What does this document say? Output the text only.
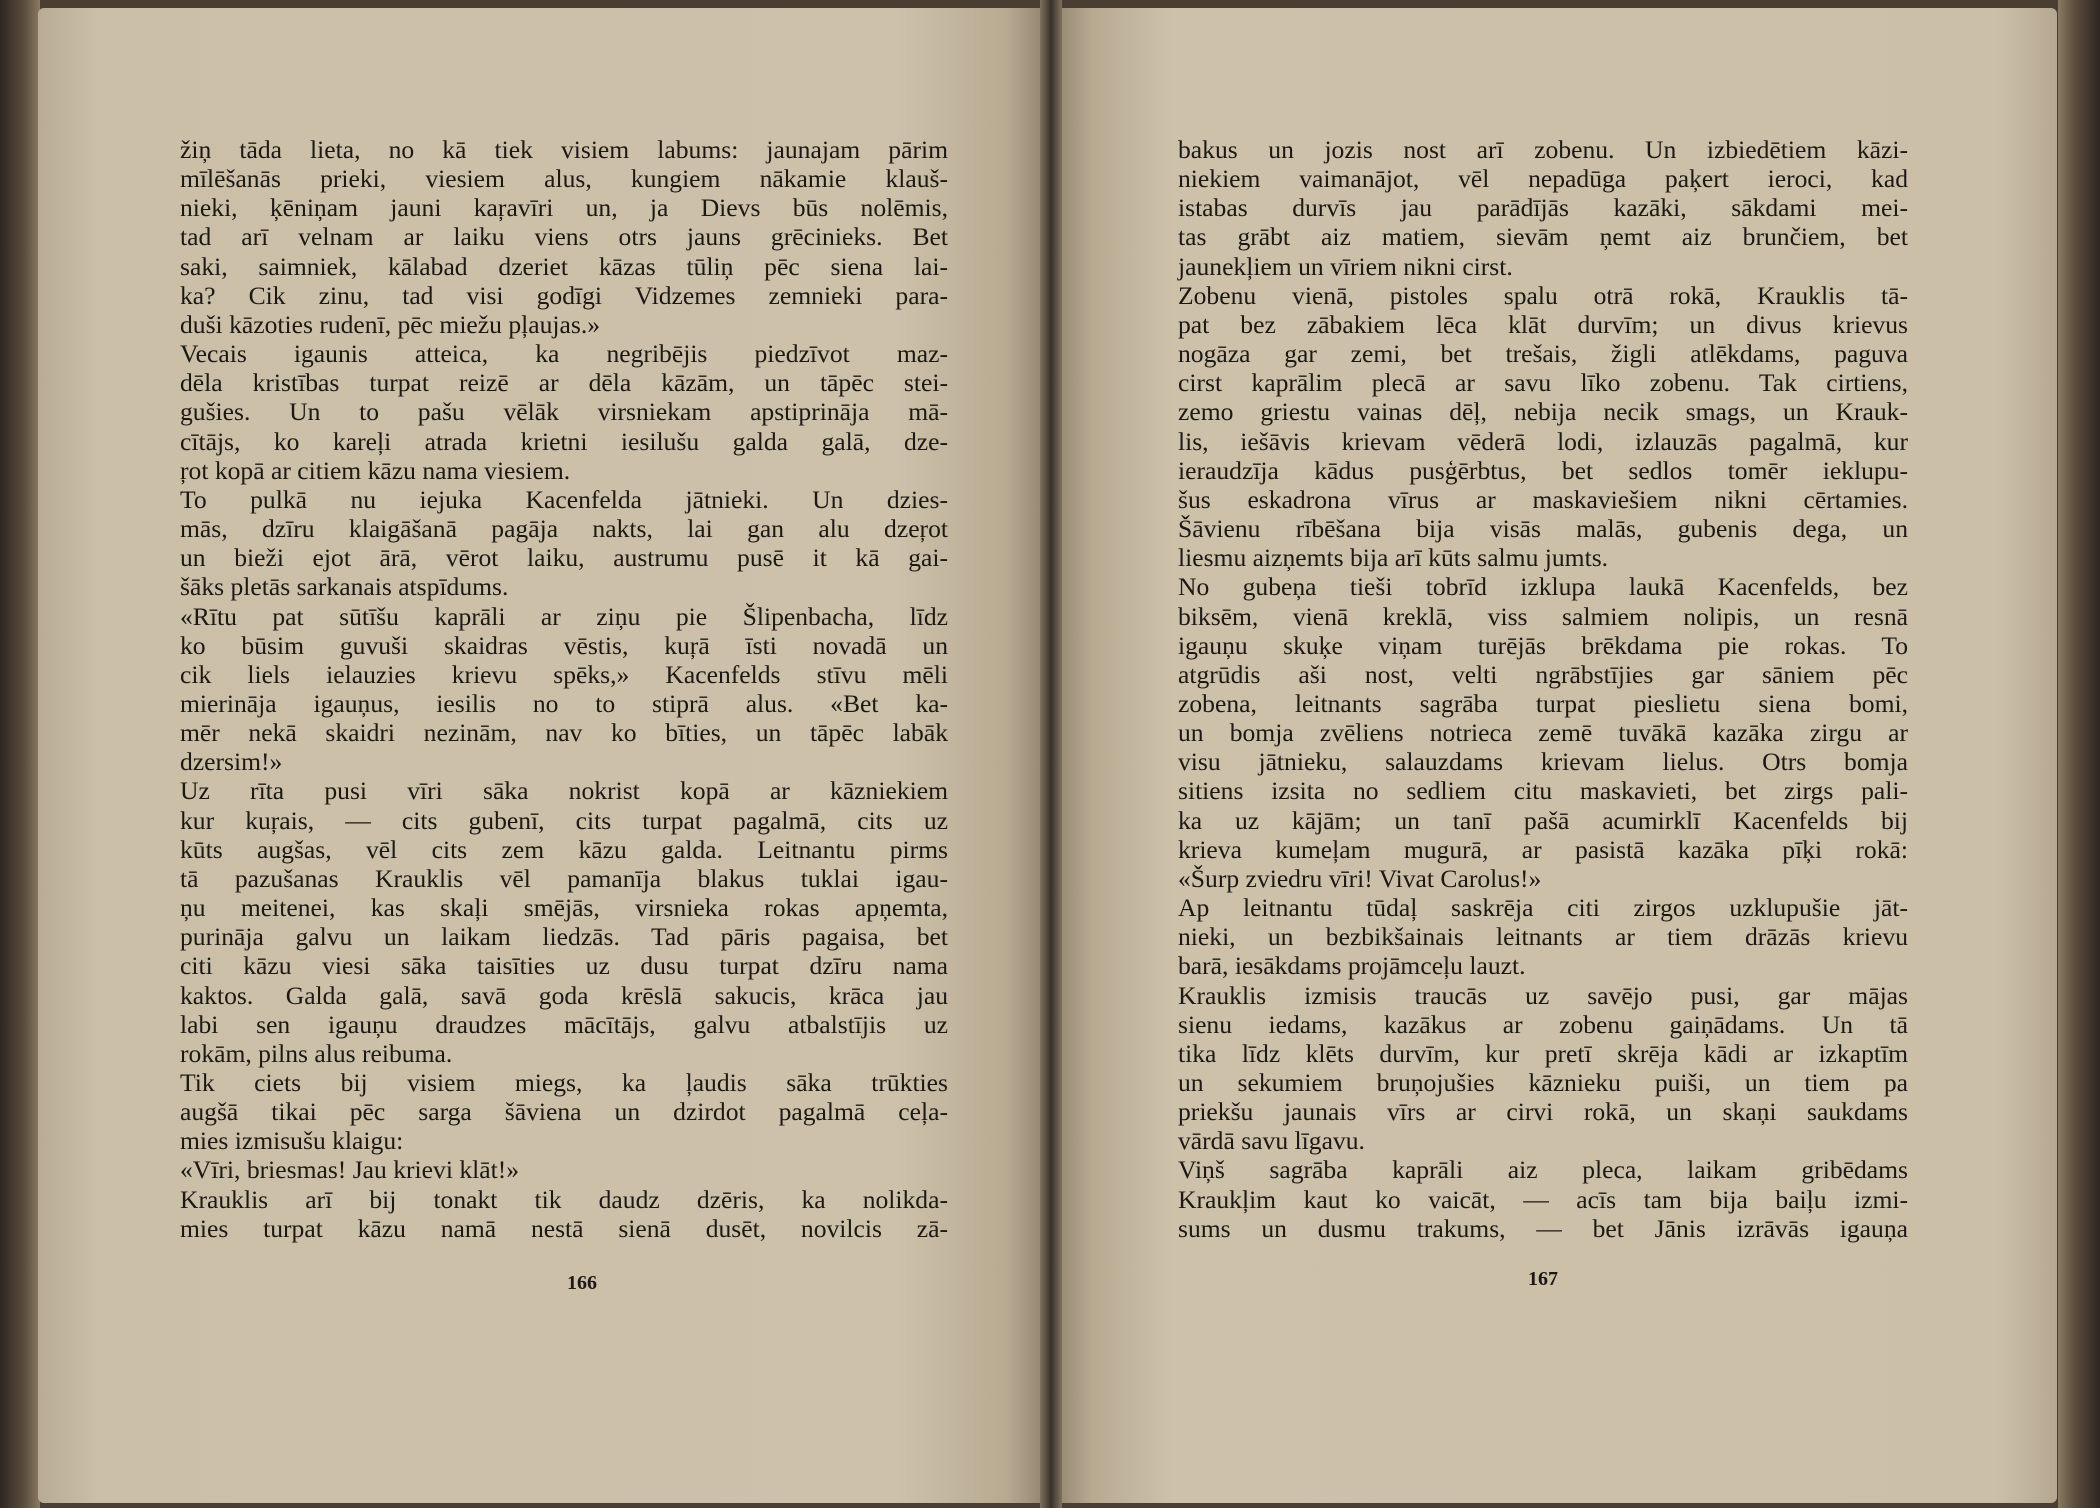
žiņ tāda lieta, no kā tiek visiem labums: jaunajam pārim
mīlēšanās prieki, viesiem alus, kungiem nākamie klauš-
nieki, ķēniņam jauni kaŗavīri un, ja Dievs būs nolēmis,
tad arī velnam ar laiku viens otrs jauns grēcinieks. Bet
saki, saimniek, kālabad dzeriet kāzas tūliņ pēc siena lai-
ka? Cik zinu, tad visi godīgi Vidzemes zemnieki para-
duši kāzoties rudenī, pēc miežu pļaujas.»
Vecais igaunis atteica, ka negribējis piedzīvot maz-
dēla kristības turpat reizē ar dēla kāzām, un tāpēc stei-
gušies. Un to pašu vēlāk virsniekam apstiprināja mā-
cītājs, ko kareļi atrada krietni iesilušu galda galā, dze-
ŗot kopā ar citiem kāzu nama viesiem.
To pulkā nu iejuka Kacenfelda jātnieki. Un dzies-
mās, dzīru klaigāšanā pagāja nakts, lai gan alu dzeŗot
un bieži ejot ārā, vērot laiku, austrumu pusē it kā gai-
šāks pletās sarkanais atspīdums.
«Rītu pat sūtīšu kaprāli ar ziņu pie Šlipenbacha, līdz
ko būsim guvuši skaidras vēstis, kuŗā īsti novadā un
cik liels ielauzies krievu spēks,» Kacenfelds stīvu mēli
mierināja igauņus, iesilis no to stiprā alus. «Bet ka-
mēr nekā skaidri nezinām, nav ko bīties, un tāpēc labāk
dzersim!»
Uz rīta pusi vīri sāka nokrist kopā ar kāzniekiem
kur kuŗais, — cits gubenī, cits turpat pagalmā, cits uz
kūts augšas, vēl cits zem kāzu galda. Leitnantu pirms
tā pazušanas Krauklis vēl pamanīja blakus tuklai igau-
ņu meitenei, kas skaļi smējās, virsnieka rokas apņemta,
purināja galvu un laikam liedzās. Tad pāris pagaisa, bet
citi kāzu viesi sāka taisīties uz dusu turpat dzīru nama
kaktos. Galda galā, savā goda krēslā sakucis, krāca jau
labi sen igauņu draudzes mācītājs, galvu atbalstījis uz
rokām, pilns alus reibuma.
Tik ciets bij visiem miegs, ka ļaudis sāka trūkties
augšā tikai pēc sarga šāviena un dzirdot pagalmā ceļa-
mies izmisušu klaigu:
«Vīri, briesmas! Jau krievi klāt!»
Krauklis arī bij tonakt tik daudz dzēris, ka nolikda-
mies turpat kāzu namā nestā sienā dusēt, novilcis zā-
166
bakus un jozis nost arī zobenu. Un izbiedētiem kāzi-
niekiem vaimanājot, vēl nepadūga paķert ieroci, kad
istabas durvīs jau parādījās kazāki, sākdami mei-
tas grābt aiz matiem, sievām ņemt aiz brunčiem, bet
jaunekļiem un vīriem nikni cirst.
Zobenu vienā, pistoles spalu otrā rokā, Krauklis tā-
pat bez zābakiem lēca klāt durvīm; un divus krievus
nogāza gar zemi, bet trešais, žigli atlēkdams, paguva
cirst kaprālim plecā ar savu līko zobenu. Tak cirtiens,
zemo griestu vainas dēļ, nebija necik smags, un Krauk-
lis, iešāvis krievam vēderā lodi, izlauzās pagalmā, kur
ieraudzīja kādus pusģērbtus, bet sedlos tomēr ieklupu-
šus eskadrona vīrus ar maskaviešiem nikni cērtamies.
Šāvienu rībēšana bija visās malās, gubenis dega, un
liesmu aizņemts bija arī kūts salmu jumts.
No gubeņa tieši tobrīd izklupa laukā Kacenfelds, bez
biksēm, vienā kreklā, viss salmiem nolipis, un resnā
igauņu skuķe viņam turējās brēkdama pie rokas. To
atgrūdis aši nost, velti ngrābstījies gar sāniem pēc
zobena, leitnants sagrāba turpat pieslietu siena bomi,
un bomja zvēliens notrieca zemē tuvākā kazāka zirgu ar
visu jātnieku, salauzdams krievam lielus. Otrs bomja
sitiens izsita no sedliem citu maskavieti, bet zirgs pali-
ka uz kājām; un tanī pašā acumirklī Kacenfelds bij
krieva kumeļam mugurā, ar pasistā kazāka pīķi rokā:
«Šurp zviedru vīri! Vivat Carolus!»
Ap leitnantu tūdaļ saskrēja citi zirgos uzklupušie jāt-
nieki, un bezbikšainais leitnants ar tiem drāzās krievu
barā, iesākdams projāmceļu lauzt.
Krauklis izmisis traucās uz savējo pusi, gar mājas
sienu iedams, kazākus ar zobenu gaiņādams. Un tā
tika līdz klēts durvīm, kur pretī skrēja kādi ar izkaptīm
un sekumiem bruņojušies kāznieku puiši, un tiem pa
priekšu jaunais vīrs ar cirvi rokā, un skaņi saukdams
vārdā savu līgavu.
Viņš sagrāba kaprāli aiz pleca, laikam gribēdams
Kraukļim kaut ko vaicāt, — acīs tam bija baiļu izmi-
sums un dusmu trakums, — bet Jānis izrāvās igauņa
167
